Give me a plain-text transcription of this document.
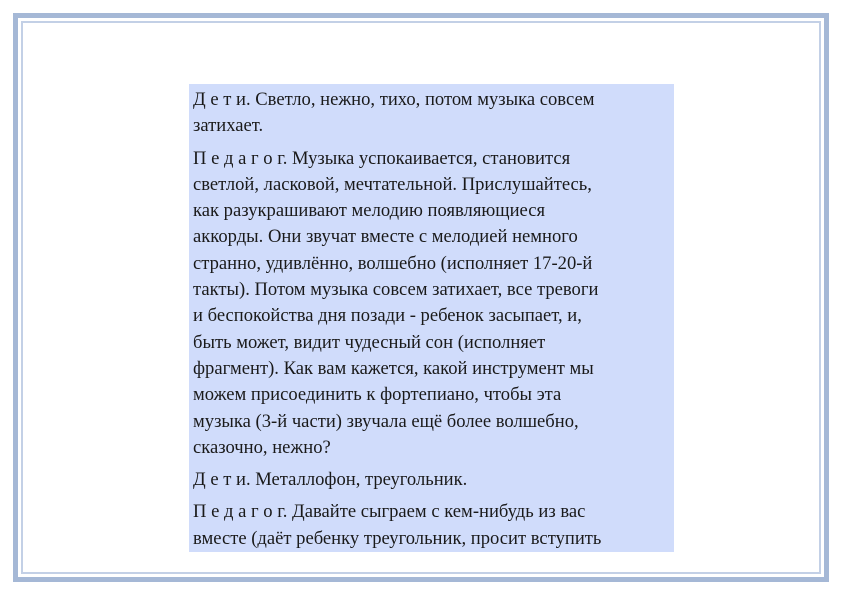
Д е т и. Светло, нежно, тихо, потом музыка совсем
затихает.

П е д а г о г. Музыка успокаивается, становится
светлой, ласковой, мечтательной. Прислушайтесь,
как разукрашивают мелодию появляющиеся
аккорды. Они звучат вместе с мелодией немного
странно, удивлённо, волшебно (исполняет 17-20-й
такты). Потом музыка совсем затихает, все тревоги
и беспокойства дня позади - ребенок засыпает, и,
быть может, видит чудесный сон (исполняет
фрагмент). Как вам кажется, какой инструмент мы
можем присоединить к фортепиано, чтобы эта
музыка (3-й части) звучала ещё более волшебно,
сказочно, нежно?

Д е т и. Металлофон, треугольник.

П е д а г о г. Давайте сыграем с кем-нибудь из вас
вместе (даёт ребенку треугольник, просит вступить
